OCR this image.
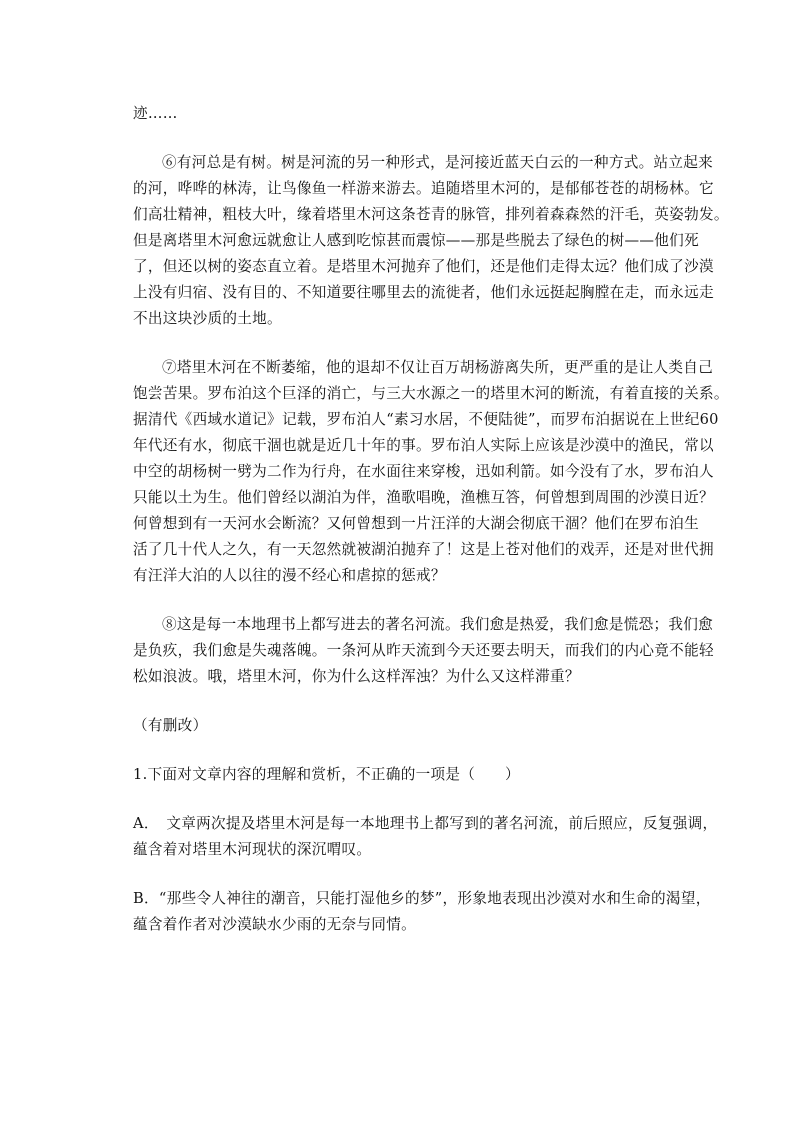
迹……
⑥有河总是有树。树是河流的另一种形式，是河接近蓝天白云的一种方式。站立起来
的河，哗哗的林涛，让鸟像鱼一样游来游去。追随塔里木河的，是郁郁苍苍的胡杨林。它
们高壮精神，粗枝大叶，缘着塔里木河这条苍青的脉管，排列着森森然的汗毛，英姿勃发。
但是离塔里木河愈远就愈让人感到吃惊甚而震惊——那是些脱去了绿色的树——他们死
了，但还以树的姿态直立着。是塔里木河抛弃了他们，还是他们走得太远？他们成了沙漠
上没有归宿、没有目的、不知道要往哪里去的流徙者，他们永远挺起胸膛在走，而永远走
不出这块沙质的土地。
⑦塔里木河在不断萎缩，他的退却不仅让百万胡杨游离失所，更严重的是让人类自己
饱尝苦果。罗布泊这个巨泽的消亡，与三大水源之一的塔里木河的断流，有着直接的关系。
据清代《西域水道记》记载，罗布泊人“素习水居，不便陆徙”，而罗布泊据说在上世纪60
年代还有水，彻底干涸也就是近几十年的事。罗布泊人实际上应该是沙漠中的渔民，常以
中空的胡杨树一劈为二作为行舟，在水面往来穿梭，迅如利箭。如今没有了水，罗布泊人
只能以土为生。他们曾经以湖泊为伴，渔歌唱晚，渔樵互答，何曾想到周围的沙漠日近？
何曾想到有一天河水会断流？又何曾想到一片汪洋的大湖会彻底干涸？他们在罗布泊生
活了几十代人之久，有一天忽然就被湖泊抛弃了！这是上苍对他们的戏弄，还是对世代拥
有汪洋大泊的人以往的漫不经心和虐掠的惩戒？
⑧这是每一本地理书上都写进去的著名河流。我们愈是热爱，我们愈是慌恐；我们愈
是负疚，我们愈是失魂落魄。一条河从昨天流到今天还要去明天，而我们的内心竟不能轻
松如浪波。哦，塔里木河，你为什么这样浑浊？为什么又这样滞重？
（有删改）
1.下面对文章内容的理解和赏析，不正确的一项是（　　）
A．　文章两次提及塔里木河是每一本地理书上都写到的著名河流，前后照应，反复强调，
蕴含着对塔里木河现状的深沉喟叹。
B．“那些令人神往的潮音，只能打湿他乡的梦”，形象地表现出沙漠对水和生命的渴望，
蕴含着作者对沙漠缺水少雨的无奈与同情。
